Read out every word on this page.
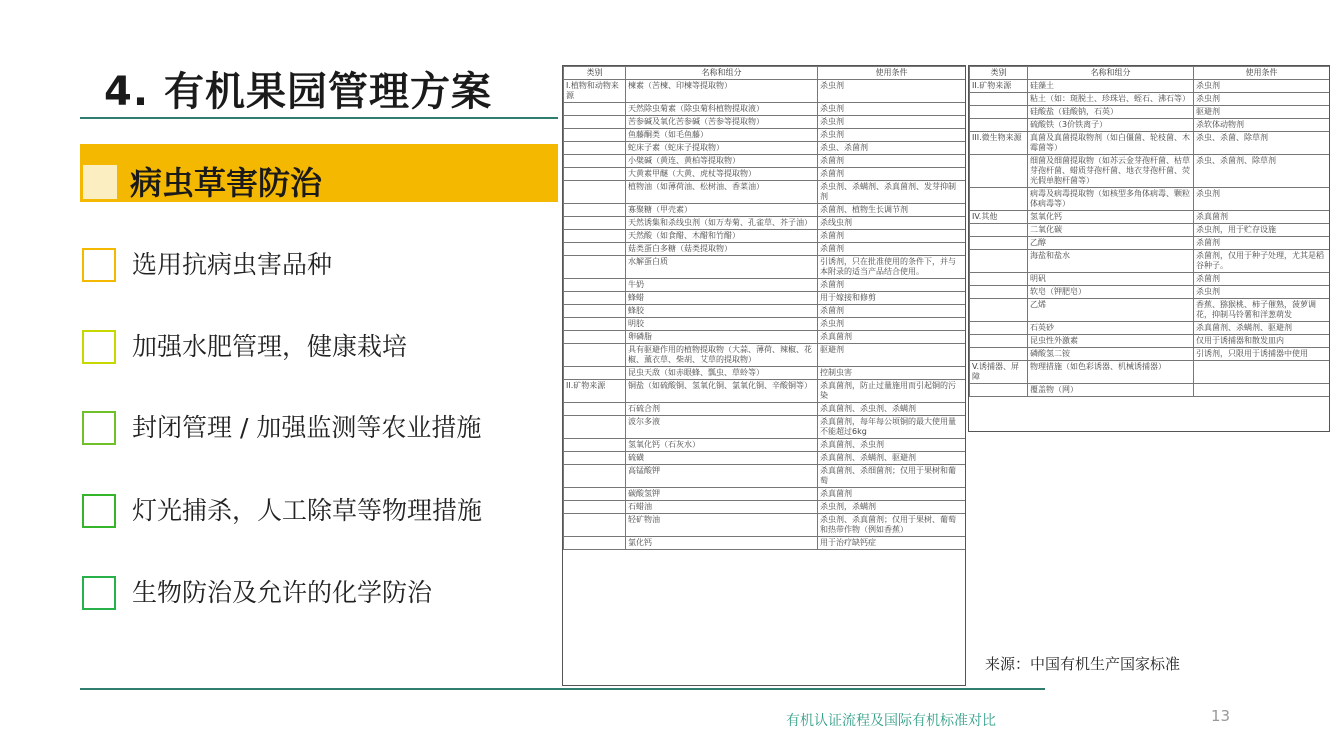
4. 有机果园管理方案
病虫草害防治
选用抗病虫害品种
加强水肥管理，健康栽培
封闭管理 / 加强监测等农业措施
灯光捕杀，人工除草等物理措施
生物防治及允许的化学防治
类别	名称和组分	使用条件
I.植物和动物来源	楝素（苦楝、印楝等提取物）	杀虫剂
	天然除虫菊素（除虫菊科植物提取液）	杀虫剂
	苦参碱及氧化苦参碱（苦参等提取物）	杀虫剂
	鱼藤酮类（如毛鱼藤）	杀虫剂
	蛇床子素（蛇床子提取物）	杀虫、杀菌剂
	小檗碱（黄连、黄柏等提取物）	杀菌剂
	大黄素甲醚（大黄、虎杖等提取物）	杀菌剂
	植物油（如薄荷油、松树油、香菜油）	杀虫剂、杀螨剂、杀真菌剂、发芽抑制剂
	寡聚糖（甲壳素）	杀菌剂、植物生长调节剂
	天然诱集和杀线虫剂（如万寿菊、孔雀草、芥子油）	杀线虫剂
	天然酸（如食醋、木醋和竹醋）	杀菌剂
	菇类蛋白多糖（菇类提取物）	杀菌剂
	水解蛋白质	引诱剂，只在批准使用的条件下，并与本附录的适当产品结合使用。
	牛奶	杀菌剂
	蜂蜡	用于嫁接和修剪
	蜂胶	杀菌剂
	明胶	杀虫剂
	卵磷脂	杀真菌剂
	具有驱避作用的植物提取物（大蒜、薄荷、辣椒、花椒、薰衣草、柴胡、艾草的提取物）	驱避剂
	昆虫天敌（如赤眼蜂、瓢虫、草蛉等）	控制虫害
II.矿物来源	铜盐（如硫酸铜、氢氧化铜、氯氧化铜、辛酸铜等）	杀真菌剂，防止过量施用而引起铜的污染
	石硫合剂	杀真菌剂、杀虫剂、杀螨剂
	波尔多液	杀真菌剂，每年每公顷铜的最大使用量不能超过6kg
	氢氧化钙（石灰水）	杀真菌剂、杀虫剂
	硫磺	杀真菌剂、杀螨剂、驱避剂
	高锰酸钾	杀真菌剂、杀细菌剂；仅用于果树和葡萄
	碳酸氢钾	杀真菌剂
	石蜡油	杀虫剂，杀螨剂
	轻矿物油	杀虫剂、杀真菌剂；仅用于果树、葡萄和热带作物（例如香蕉）
	氯化钙	用于治疗缺钙症
类别	名称和组分	使用条件
II.矿物来源	硅藻土	杀虫剂
	粘土（如：斑脱土、珍珠岩、蛭石、沸石等）	杀虫剂
	硅酸盐（硅酸钠，石英）	驱避剂
	硫酸铁（3价铁离子）	杀软体动物剂
III.微生物来源	真菌及真菌提取物剂（如白僵菌、轮枝菌、木霉菌等）	杀虫、杀菌、除草剂
	细菌及细菌提取物（如苏云金芽孢杆菌、枯草芽孢杆菌、蜡质芽孢杆菌、地衣芽孢杆菌、荧光假单胞杆菌等）	杀虫、杀菌剂、除草剂
	病毒及病毒提取物（如核型多角体病毒、颗粒体病毒等）	杀虫剂
IV.其他	氢氧化钙	杀真菌剂
	二氧化碳	杀虫剂，用于贮存设施
	乙醇	杀菌剂
	海盐和盐水	杀菌剂，仅用于种子处理，尤其是稻谷种子。
	明矾	杀菌剂
	软皂（钾肥皂）	杀虫剂
	乙烯	香蕉、猕猴桃、柿子催熟，菠萝调花，抑制马铃薯和洋葱萌发
	石英砂	杀真菌剂、杀螨剂、驱避剂
	昆虫性外激素	仅用于诱捕器和散发皿内
	磷酸氢二铵	引诱剂，只限用于诱捕器中使用
V.诱捕器、屏障	物理措施（如色彩诱器、机械诱捕器）	
	覆盖物（网）	
来源：中国有机生产国家标准
有机认证流程及国际有机标准对比	13
